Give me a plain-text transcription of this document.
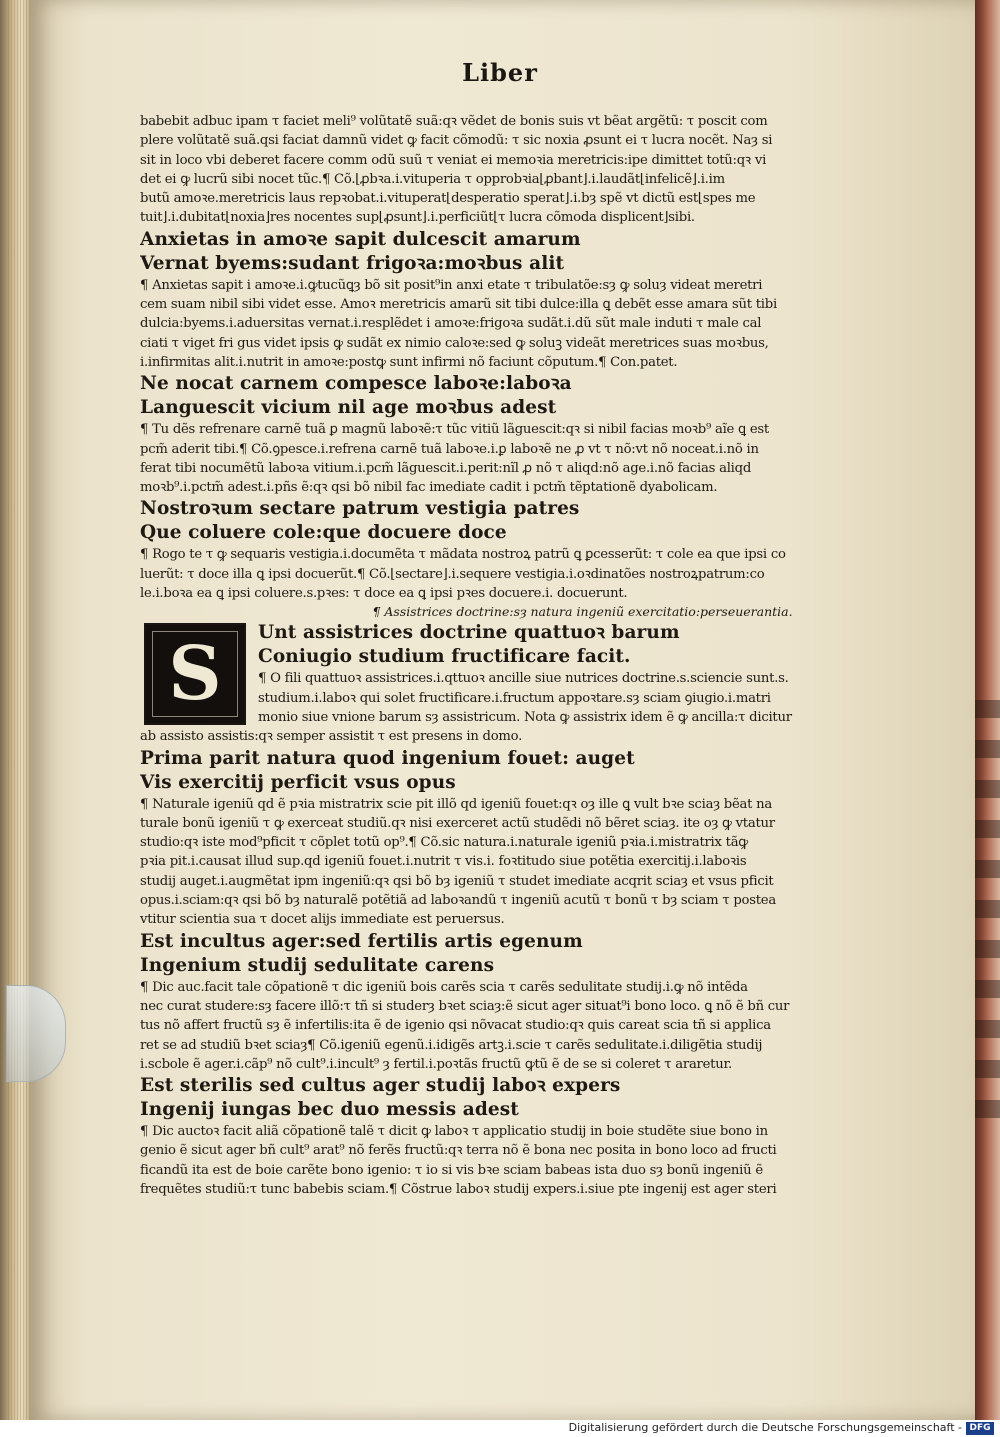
Liber
babebit adbuc ipam τ faciet meli⁹ volũtatẽ suã:qꝛ vẽdet de bonis suis vt bẽat argẽtũ: τ poscit com
plere volũtatẽ suã.qsi faciat damnũ videt ꝙ facit cõmodũ: τ sic noxia ꝓsunt ei τ lucra nocẽt. Naȝ si
sit in loco vbi deberet facere comm odũ suũ τ veniat ei memoꝛia meretricis:ipe dimittet totũ:qꝛ vi
det ei ꝙ lucrũ sibi nocet tũc.¶ Cõ.⌊ꝓbꝛa.i.vituperia τ opprobꝛia⌊ꝓbant⌋.i.laudãt⌊infelicẽ⌋.i.im
butũ amoꝛe.meretricis laus repꝛobat.i.vituperat⌊desperatio sperat⌋.i.bȝ spẽ vt dictũ est⌊spes me
tuit⌋.i.dubitat⌊noxia⌋res nocentes sup⌊ꝓsunt⌋.i.perficiũt⌊τ lucra cõmoda displicent⌋sibi.
Anxietas in amoꝛe sapit dulcescit amarum
Vernat byems:sudant frigoꝛa:moꝛbus alit
¶ Anxietas sapit i amoꝛe.i.ꝙtucũꝗȝ bõ sit posit⁹in anxi etate τ tribulatõe:sȝ ꝙ soluȝ videat meretri
cem suam nibil sibi videt esse. Amoꝛ meretricis amarũ sit tibi dulce:illa ꝗ debẽt esse amara sũt tibi
dulcia:byems.i.aduersitas vernat.i.resplẽdet i amoꝛe:frigoꝛa sudãt.i.dũ sũt male induti τ male cal
ciati τ viget fri gus videt ipsis ꝙ sudãt ex nimio caloꝛe:sed ꝙ soluꝫ videãt meretrices suas moꝛbus,
i.infirmitas alit.i.nutrit in amoꝛe:postꝙ sunt infirmi nõ faciunt cõputum.¶ Con.patet.
Ne nocat carnem compesce laboꝛe:laboꝛa
Languescit vicium nil age moꝛbus adest
¶ Tu dẽs refrenare carnẽ tuã ꝑ magnũ laboꝛẽ:τ tũc vitiũ lãguescit:qꝛ si nibil facias moꝛb⁹ aĩe ꝗ est
pcm̃ aderit tibi.¶ Cõ.ꝯpesce.i.refrena carnẽ tuã laboꝛe.i.ꝑ laboꝛẽ ne ꝓ vt τ nõ:vt nõ noceat.i.nõ in
ferat tibi nocumẽtũ laboꝛa vitium.i.pcm̃ lãguescit.i.perit:nĩl ꝓ nõ τ aliqd:nõ age.i.nõ facias aliqd
moꝛb⁹.i.pctm̃ adest.i.pñs ẽ:qꝛ qsi bõ nibil fac imediate cadit i pctm̃ tẽptationẽ dyabolicam.
Nostroꝛum sectare patrum vestigia patres
Que coluere cole:que docuere doce
¶ Rogo te τ ꝙ sequaris vestigia.i.documẽta τ mãdata nostroꝝ patrũ ꝗ ꝑcesserũt: τ cole ea que ipsi co
luerũt: τ doce illa ꝗ ipsi docuerũt.¶ Cõ.⌊sectare⌋.i.sequere vestigia.i.oꝛdinatões nostroꝝpatrum:co
le.i.boꝛa ea ꝗ ipsi coluere.s.pꝛes: τ doce ea ꝗ ipsi pꝛes docuere.i. docuerunt.
¶ Assistrices doctrine:sȝ natura ingeniũ exercitatio:perseuerantia.
S Unt assistrices doctrine quattuoꝛ barum
Coniugio studium fructificare facit.
¶ O fili quattuoꝛ assistrices.i.qttuoꝛ ancille siue nutrices doctrine.s.sciencie sunt.s.
studium.i.laboꝛ qui solet fructificare.i.fructum appoꝛtare.sȝ sciam ꝯiugio.i.matri
monio siue vnione barum sȝ assistricum. Nota ꝙ assistrix idem ẽ ꝙ ancilla:τ dicitur
ab assisto assistis:qꝛ semper assistit τ est presens in domo.
Prima parit natura quod ingenium fouet: auget
Vis exercitij perficit vsus opus
¶ Naturale igeniũ qd ẽ pꝛia mistratrix scie pit illõ qd igeniũ fouet:qꝛ oȝ ille ꝗ vult bꝛe sciaȝ bẽat na
turale bonũ igeniũ τ ꝙ exerceat studiũ.qꝛ nisi exerceret actũ studẽdi nõ bẽret sciaȝ. ite oȝ ꝙ vtatur
studio:qꝛ iste mod⁹pficit τ cõplet totũ op⁹.¶ Cõ.sic natura.i.naturale igeniũ pꝛia.i.mistratrix tãꝙ
pꝛia pit.i.causat illud sup.qd igeniũ fouet.i.nutrit τ vis.i. foꝛtitudo siue potẽtia exercitij.i.laboꝛis
studij auget.i.augmẽtat ipm ingeniũ:qꝛ qsi bõ bȝ igeniũ τ studet imediate acqrit sciaȝ et vsus pficit
opus.i.sciam:qꝛ qsi bõ bȝ naturalẽ potẽtiã ad laboꝛandũ τ ingeniũ acutũ τ bonũ τ bȝ sciam τ postea
vtitur scientia sua τ docet alijs immediate est peruersus.
Est incultus ager:sed fertilis artis egenum
Ingenium studij sedulitate carens
¶ Dic auc.facit tale cõpationẽ τ dic igeniũ bois carẽs scia τ carẽs sedulitate studij.i.ꝙ nõ intẽda
nec curat studere:sȝ facere illõ:τ tñ si studerȝ bꝛet sciaȝ:ẽ sicut ager situat⁹i bono loco. ꝗ nõ ẽ bñ cur
tus nõ affert fructũ sȝ ẽ infertilis:ita ẽ de igenio qsi nõvacat studio:qꝛ quis careat scia tñ si applica
ret se ad studiũ bꝛet sciaȝ¶ Cõ.igeniũ egenũ.i.idigẽs artꝫ.i.scie τ carẽs sedulitate.i.diligẽtia studij
i.scbole ẽ ager.i.cãp⁹ nõ cult⁹.i.incult⁹ ȝ fertil.i.poꝛtãs fructũ ꝙtũ ẽ de se si coleret τ araretur.
Est sterilis sed cultus ager studij laboꝛ expers
Ingenij iungas bec duo messis adest
¶ Dic auctoꝛ facit aliã cõpationẽ talẽ τ dicit ꝙ laboꝛ τ applicatio studij in boie studẽte siue bono in
genio ẽ sicut ager bñ cult⁹ arat⁹ nõ ferẽs fructũ:qꝛ terra nõ ẽ bona nec posita in bono loco ad fructi
ficandũ ita est de boie carẽte bono igenio: τ io si vis bꝛe sciam babeas ista duo sȝ bonũ ingeniũ ẽ
frequẽtes studiũ:τ tunc babebis sciam.¶ Cõstrue laboꝛ studij expers.i.siue pte ingenij est ager steri
Digitalisierung gefördert durch die Deutsche Forschungsgemeinschaft - DFG
